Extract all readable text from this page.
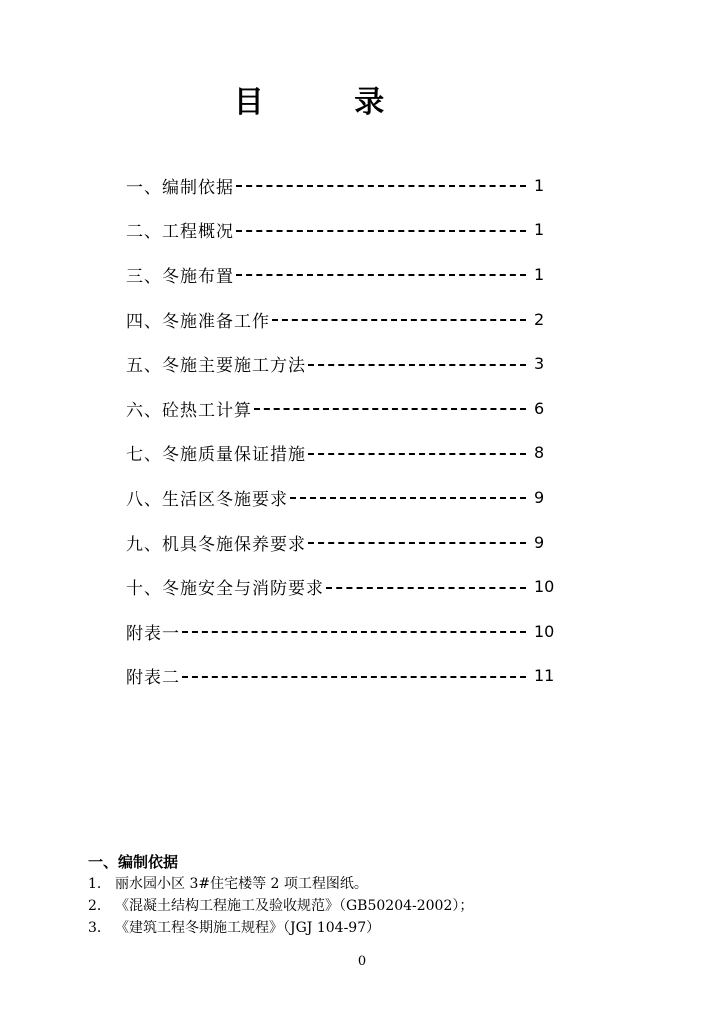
目 录
一、编制依据	1
二、工程概况	1
三、冬施布置	1
四、冬施准备工作	2
五、冬施主要施工方法	3
六、砼热工计算	6
七、冬施质量保证措施	8
八、生活区冬施要求	9
九、机具冬施保养要求	9
十、冬施安全与消防要求	10
附表一	10
附表二	11
一、编制依据
1． 丽水园小区 3#住宅楼等 2 项工程图纸。
2． 《混凝土结构工程施工及验收规范》（GB50204-2002）；
3． 《建筑工程冬期施工规程》（JGJ 104-97）
0
